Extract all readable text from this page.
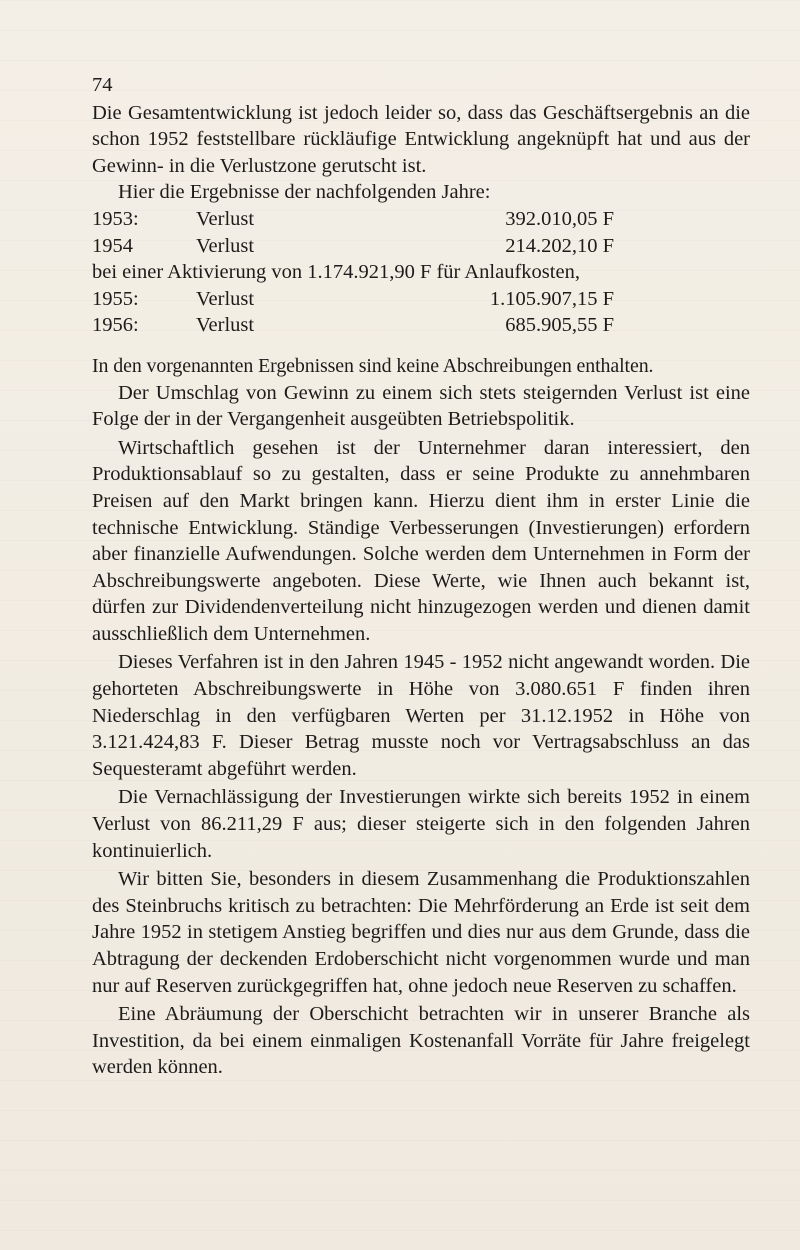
74

Die Gesamtentwicklung ist jedoch leider so, dass das Geschäftsergebnis an die schon 1952 feststellbare rückläufige Entwicklung angeknüpft hat und aus der Gewinn- in die Verlustzone gerutscht ist.

Hier die Ergebnisse der nachfolgenden Jahre:

1953:	Verlust	392.010,05 F
1954	Verlust	214.202,10 F
bei einer Aktivierung von 1.174.921,90 F für Anlaufkosten,
1955:	Verlust	1.105.907,15 F
1956:	Verlust	685.905,55 F

In den vorgenannten Ergebnissen sind keine Abschreibungen enthalten.

Der Umschlag von Gewinn zu einem sich stets steigernden Verlust ist eine Folge der in der Vergangenheit ausgeübten Betriebspolitik.

Wirtschaftlich gesehen ist der Unternehmer daran interessiert, den Produktionsablauf so zu gestalten, dass er seine Produkte zu annehmbaren Preisen auf den Markt bringen kann. Hierzu dient ihm in erster Linie die technische Entwicklung. Ständige Verbesserungen (Investierungen) erfordern aber finanzielle Aufwendungen. Solche werden dem Unternehmen in Form der Abschreibungswerte angeboten. Diese Werte, wie Ihnen auch bekannt ist, dürfen zur Dividendenverteilung nicht hinzugezogen werden und dienen damit ausschließlich dem Unternehmen.

Dieses Verfahren ist in den Jahren 1945 - 1952 nicht angewandt worden. Die gehorteten Abschreibungswerte in Höhe von 3.080.651 F finden ihren Niederschlag in den verfügbaren Werten per 31.12.1952 in Höhe von 3.121.424,83 F. Dieser Betrag musste noch vor Vertragsabschluss an das Sequesteramt abgeführt werden.

Die Vernachlässigung der Investierungen wirkte sich bereits 1952 in einem Verlust von 86.211,29 F aus; dieser steigerte sich in den folgenden Jahren kontinuierlich.

Wir bitten Sie, besonders in diesem Zusammenhang die Produktionszahlen des Steinbruchs kritisch zu betrachten: Die Mehrförderung an Erde ist seit dem Jahre 1952 in stetigem Anstieg begriffen und dies nur aus dem Grunde, dass die Abtragung der deckenden Erdoberschicht nicht vorgenommen wurde und man nur auf Reserven zurückgegriffen hat, ohne jedoch neue Reserven zu schaffen.

Eine Abräumung der Oberschicht betrachten wir in unserer Branche als Investition, da bei einem einmaligen Kostenanfall Vorräte für Jahre freigelegt werden können.
